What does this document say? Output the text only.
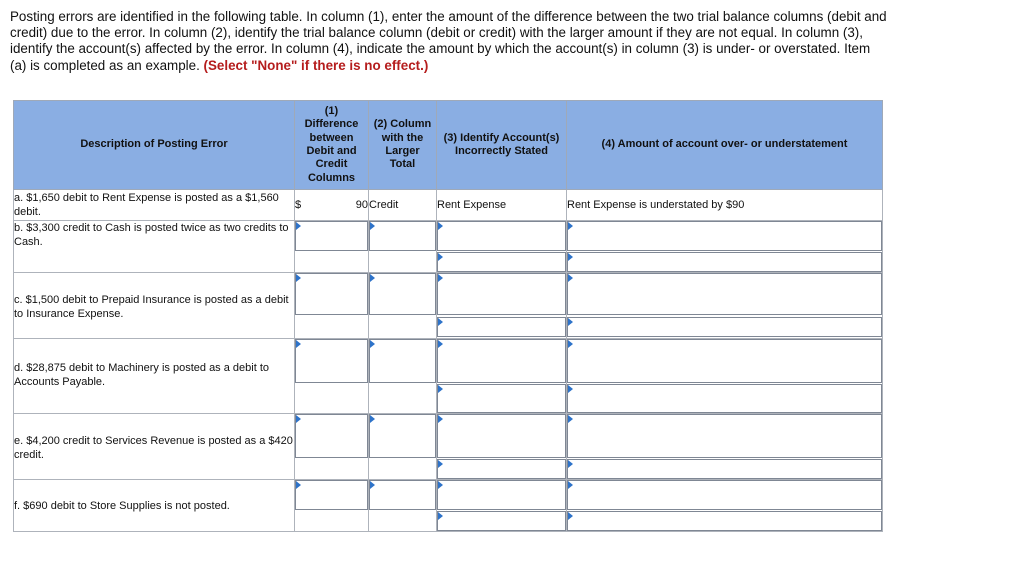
Posting errors are identified in the following table. In column (1), enter the amount of the difference between the two trial balance columns (debit and credit) due to the error. In column (2), identify the trial balance column (debit or credit) with the larger amount if they are not equal. In column (3), identify the account(s) affected by the error. In column (4), indicate the amount by which the account(s) in column (3) is under- or overstated. Item (a) is completed as an example. (Select "None" if there is no effect.)
Description of Posting Error	(1) Difference between Debit and Credit Columns	(2) Column with the Larger Total	(3) Identify Account(s) Incorrectly Stated	(4) Amount of account over- or understatement
a. $1,650 debit to Rent Expense is posted as a $1,560 debit.	$ 90	Credit	Rent Expense	Rent Expense is understated by $90
b. $3,300 credit to Cash is posted twice as two credits to Cash.	

c. $1,500 debit to Prepaid Insurance is posted as a debit to Insurance Expense.	

d. $28,875 debit to Machinery is posted as a debit to Accounts Payable.	

e. $4,200 credit to Services Revenue is posted as a $420 credit.	

f. $690 debit to Store Supplies is not posted.	
